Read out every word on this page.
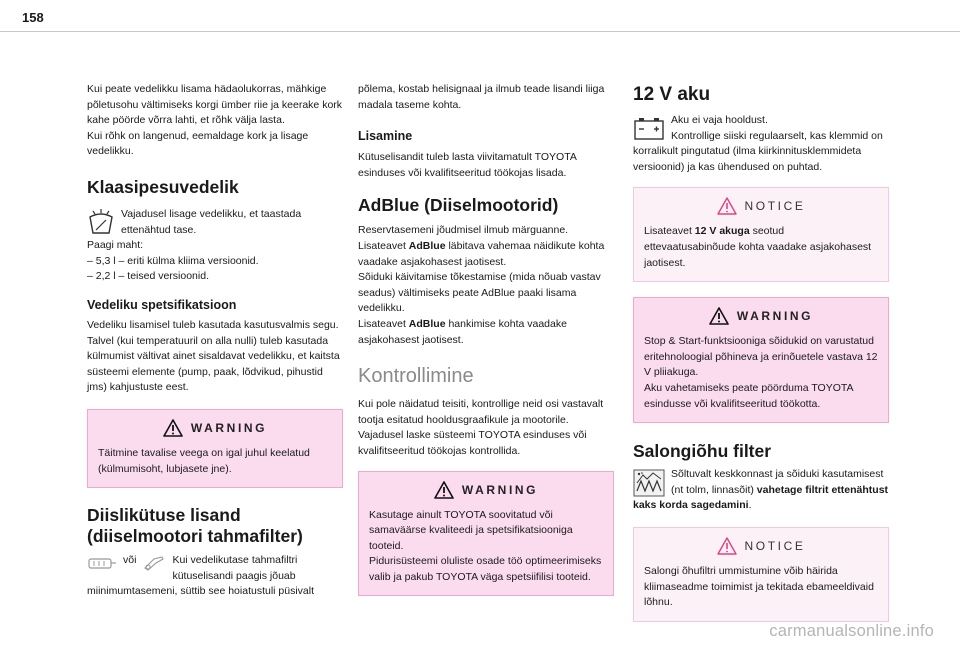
158

Kui peate vedelikku lisama hädaolukorras, mähkige põletusohu vältimiseks korgi ümber riie ja keerake kork kahe pöörde võrra lahti, et rõhk välja lasta.

Kui rõhk on langenud, eemaldage kork ja lisage vedelikku.

Klaasipesuvedelik

Vajadusel lisage vedelikku, et taastada ettenähtud tase.

Paagi maht:

– 5,3 l – eriti külma kliima versioonid.

– 2,2 l – teised versioonid.

Vedeliku spetsifikatsioon

Vedeliku lisamisel tuleb kasutada kasutusvalmis segu.

Talvel (kui temperatuuril on alla nulli) tuleb kasutada külmumist vältivat ainet sisaldavat vedelikku, et kaitsta süsteemi elemente (pump, paak, lõdvikud, pihustid jms) kahjustuste eest.

WARNING

Täitmine tavalise veega on igal juhul keelatud (külmumisoht, lubjasete jne).

Diislikütuse lisand (diiselmootori tahmafilter)
või	Kui vedelikutase tahmafiltri kütuselisandi paagis jõuab miinimumtasemeni, süttib see hoiatustuli püsivalt

põlema, kostab helisignaal ja ilmub teade lisandi liiga madala taseme kohta.

Lisamine

Kütuselisandit tuleb lasta viivitamatult TOYOTA esinduses või kvalifitseeritud töökojas lisada.

AdBlue (Diiselmootorid)

Reservtasemeni jõudmisel ilmub märguanne.

Lisateavet AdBlue läbitava vahemaa näidikute kohta vaadake asjakohasest jaotisest.

Sõiduki käivitamise tõkestamise (mida nõuab vastav seadus) vältimiseks peate AdBlue paaki lisama vedelikku.

Lisateavet AdBlue hankimise kohta vaadake asjakohasest jaotisest.

Kontrollimine

Kui pole näidatud teisiti, kontrollige neid osi vastavalt tootja esitatud hooldusgraafikule ja mootorile.

Vajadusel laske süsteemi TOYOTA esinduses või kvalifitseeritud töökojas kontrollida.

WARNING

Kasutage ainult TOYOTA soovitatud või samaväärse kvaliteedi ja spetsifikatsiooniga tooteid.

Pidurisüsteemi oluliste osade töö optimeerimiseks valib ja pakub TOYOTA väga spetsiifilisi tooteid.

12 V aku

Aku ei vaja hooldust.

Kontrollige siiski regulaarselt, kas klemmid on korralikult pingutatud (ilma kiirkinnitusklemmideta versioonid) ja kas ühendused on puhtad.

NOTICE

Lisateavet 12 V akuga seotud ettevaatusabinõude kohta vaadake asjakohasest jaotisest.

WARNING

Stop & Start-funktsiooniga sõidukid on varustatud eritehnoloogial põhineva ja erinõuetele vastava 12 V pliiakuga.

Aku vahetamiseks peate pöörduma TOYOTA esindusse või kvalifitseeritud töökotta.

Salongiõhu filter

Sõltuvalt keskkonnast ja sõiduki kasutamisest (nt tolm, linnasõit) vahetage filtrit ettenähtust kaks korda sagedamini.

NOTICE

Salongi õhufiltri ummistumine võib häirida kliimaseadme toimimist ja tekitada ebameeldivaid lõhnu.

carmanualsonline.info
